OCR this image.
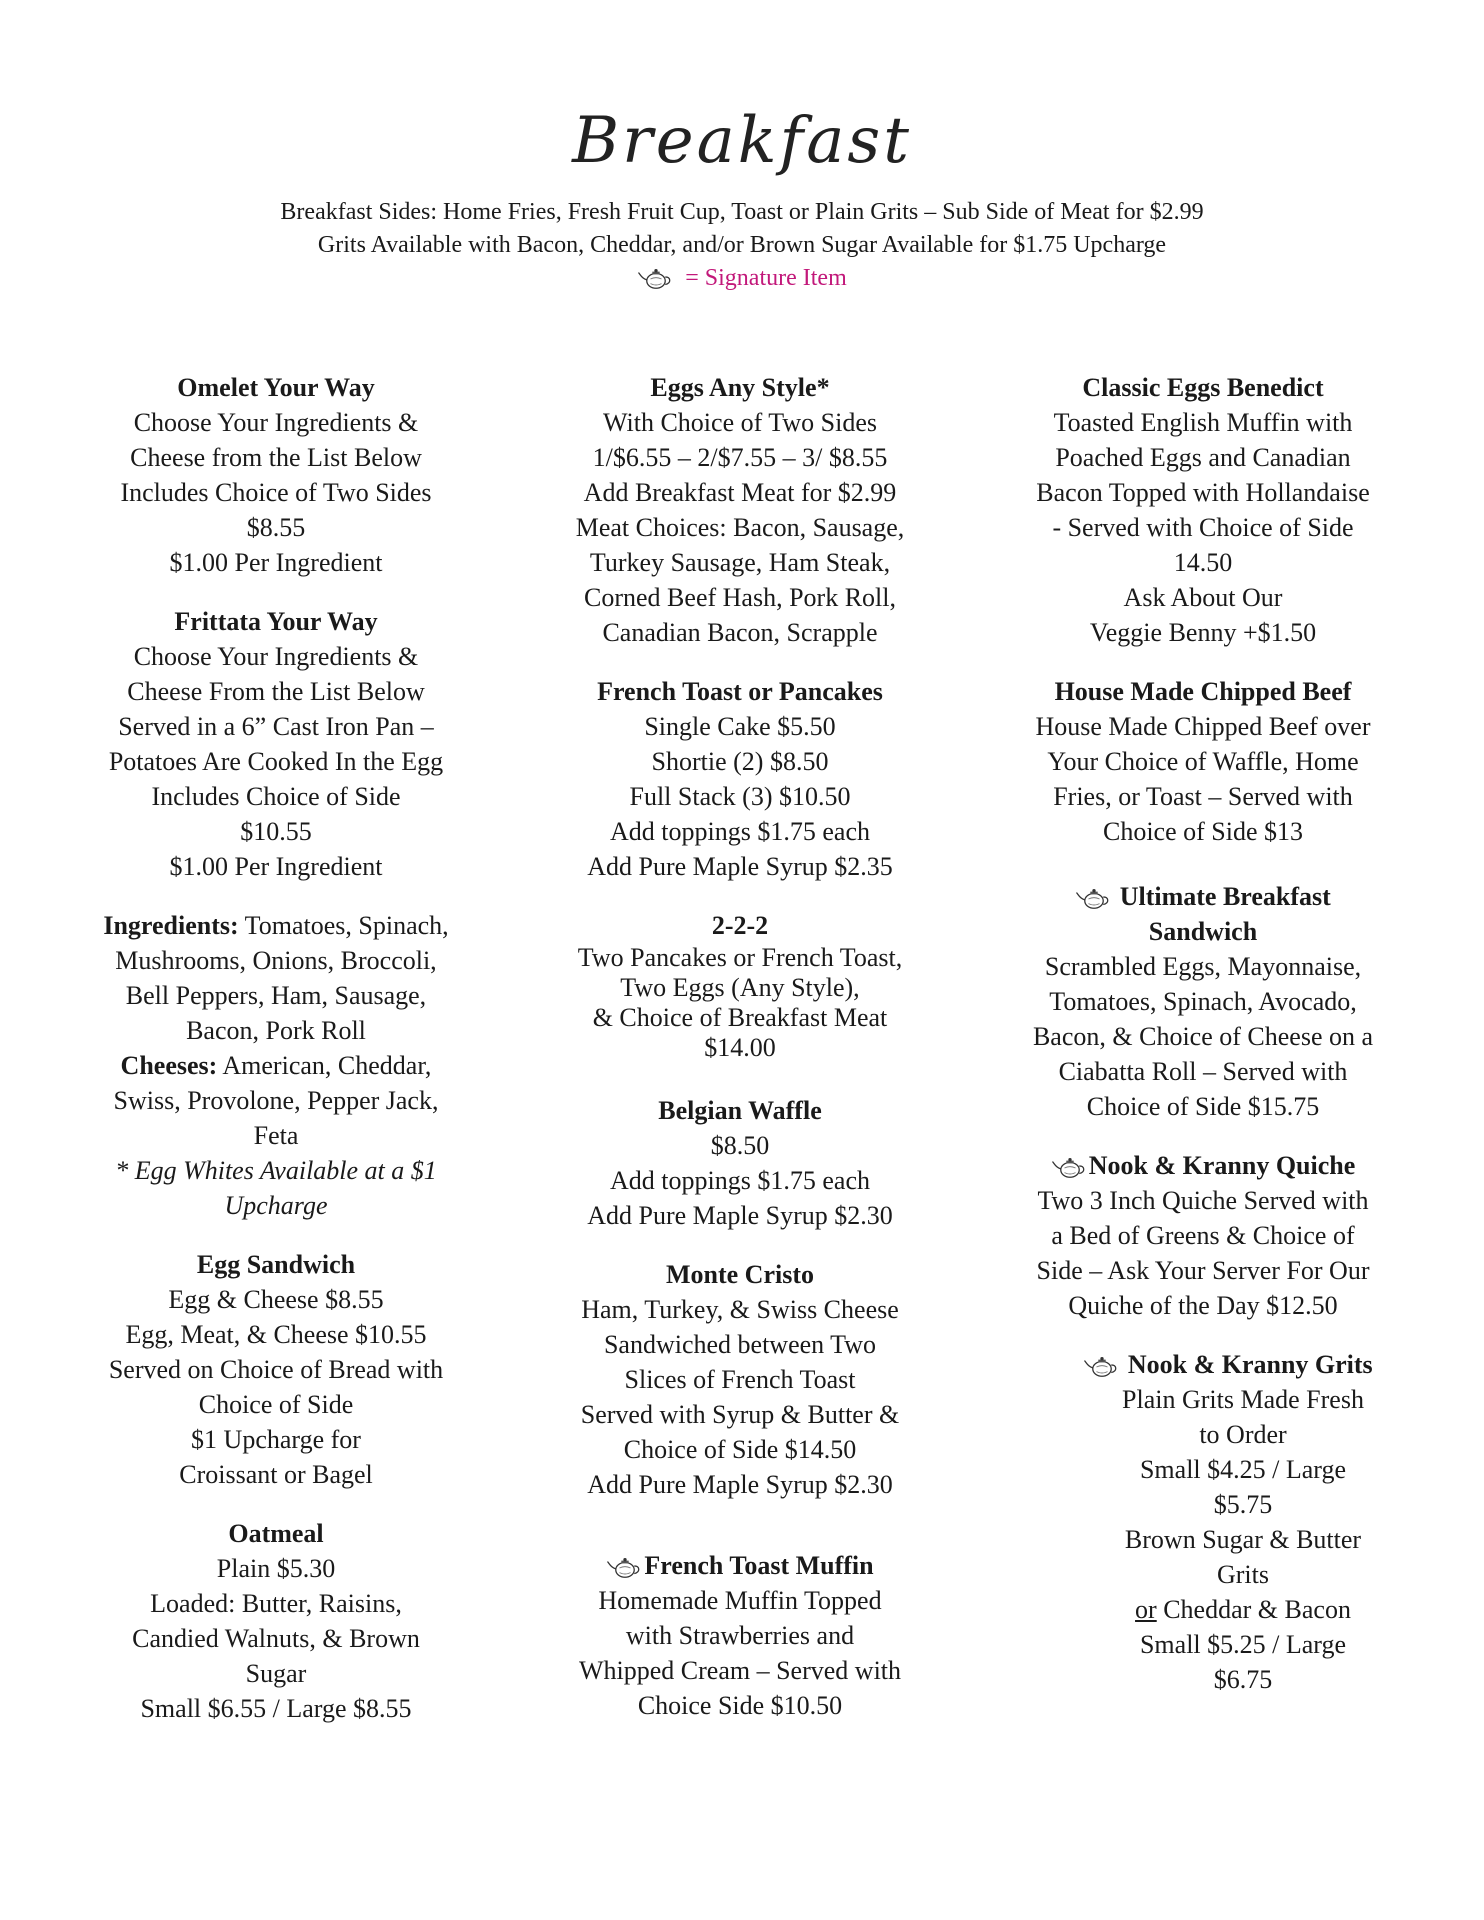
Breakfast
Breakfast Sides: Home Fries, Fresh Fruit Cup, Toast or Plain Grits – Sub Side of Meat for $2.99
Grits Available with Bacon, Cheddar, and/or Brown Sugar Available for $1.75 Upcharge
= Signature Item
Omelet Your Way

Choose Your Ingredients &

Cheese from the List Below

Includes Choice of Two Sides

$8.55

$1.00 Per Ingredient

Frittata Your Way

Choose Your Ingredients &

Cheese From the List Below

Served in a 6” Cast Iron Pan –

Potatoes Are Cooked In the Egg

Includes Choice of Side

$10.55

$1.00 Per Ingredient

Ingredients: Tomatoes, Spinach,

Mushrooms, Onions, Broccoli,

Bell Peppers, Ham, Sausage,

Bacon, Pork Roll

Cheeses: American, Cheddar,

Swiss, Provolone, Pepper Jack,

Feta

* Egg Whites Available at a $1

Upcharge

Egg Sandwich

Egg & Cheese $8.55

Egg, Meat, & Cheese $10.55

Served on Choice of Bread with

Choice of Side

$1 Upcharge for

Croissant or Bagel

Oatmeal

Plain $5.30

Loaded: Butter, Raisins,

Candied Walnuts, & Brown

Sugar

Small $6.55 / Large $8.55

Eggs Any Style*

With Choice of Two Sides

1/$6.55 – 2/$7.55 – 3/ $8.55

Add Breakfast Meat for $2.99

Meat Choices: Bacon, Sausage,

Turkey Sausage, Ham Steak,

Corned Beef Hash, Pork Roll,

Canadian Bacon, Scrapple

French Toast or Pancakes

Single Cake $5.50

Shortie (2) $8.50

Full Stack (3) $10.50

Add toppings $1.75 each

Add Pure Maple Syrup $2.35

2-2-2

Two Pancakes or French Toast,

Two Eggs (Any Style),

& Choice of Breakfast Meat

$14.00

Belgian Waffle

$8.50

Add toppings $1.75 each

Add Pure Maple Syrup $2.30

Monte Cristo

Ham, Turkey, & Swiss Cheese

Sandwiched between Two

Slices of French Toast

Served with Syrup & Butter &

Choice of Side $14.50

Add Pure Maple Syrup $2.30

French Toast Muffin

Homemade Muffin Topped

with Strawberries and

Whipped Cream – Served with

Choice Side $10.50

Classic Eggs Benedict

Toasted English Muffin with

Poached Eggs and Canadian

Bacon Topped with Hollandaise

- Served with Choice of Side

14.50

Ask About Our

Veggie Benny +$1.50

House Made Chipped Beef

House Made Chipped Beef over

Your Choice of Waffle, Home

Fries, or Toast – Served with

Choice of Side $13

Ultimate Breakfast
Sandwich

Scrambled Eggs, Mayonnaise,

Tomatoes, Spinach, Avocado,

Bacon, & Choice of Cheese on a

Ciabatta Roll – Served with

Choice of Side $15.75

Nook & Kranny Quiche

Two 3 Inch Quiche Served with

a Bed of Greens & Choice of

Side – Ask Your Server For Our

Quiche of the Day $12.50

Nook & Kranny Grits

Plain Grits Made Fresh

to Order

Small $4.25 / Large

$5.75

Brown Sugar & Butter

Grits

or Cheddar & Bacon

Small $5.25 / Large

$6.75
